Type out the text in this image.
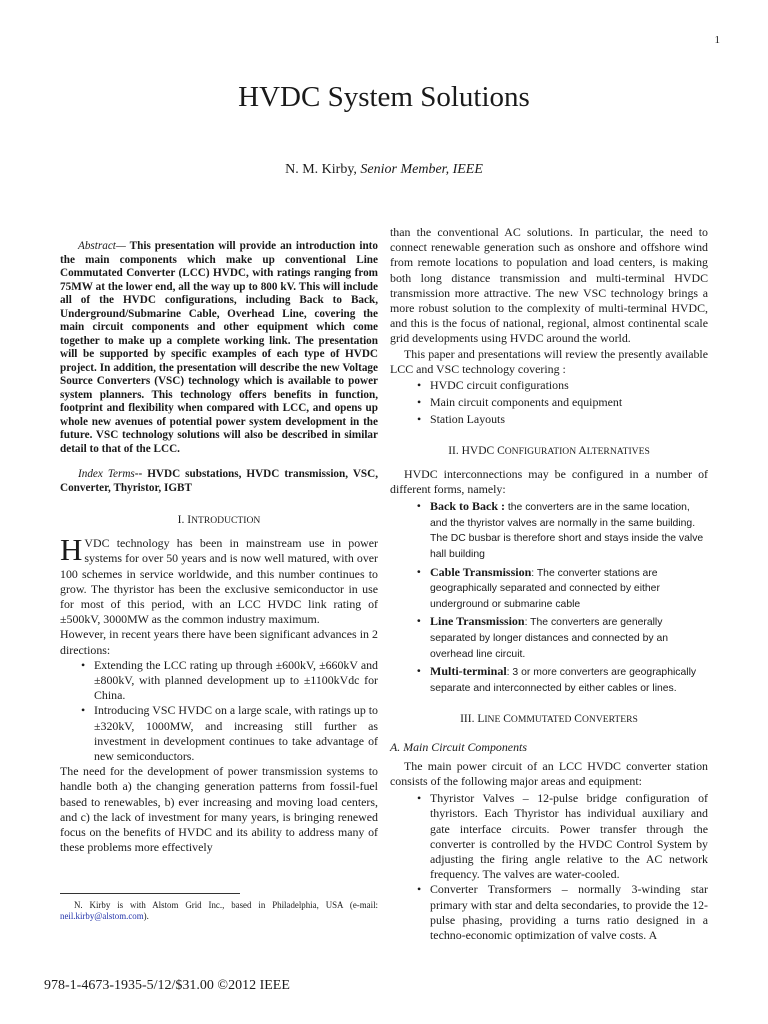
1
HVDC System Solutions
N. M. Kirby, Senior Member, IEEE

Abstract— This presentation will provide an introduction into the main components which make up conventional Line Commutated Converter (LCC) HVDC, with ratings ranging from 75MW at the lower end, all the way up to 800 kV. This will include all of the HVDC configurations, including Back to Back, Underground/Submarine Cable, Overhead Line, covering the main circuit components and other equipment which come together to make up a complete working link. The presentation will be supported by specific examples of each type of HVDC project. In addition, the presentation will describe the new Voltage Source Converters (VSC) technology which is available to power system planners. This technology offers benefits in function, footprint and flexibility when compared with LCC, and opens up whole new avenues of potential power system development in the future. VSC technology solutions will also be described in similar detail to that of the LCC.

Index Terms-- HVDC substations, HVDC transmission, VSC, Converter, Thyristor, IGBT

I. INTRODUCTION

HVDC technology has been in mainstream use in power systems for over 50 years and is now well matured, with over 100 schemes in service worldwide, and this number continues to grow. The thyristor has been the exclusive semiconductor in use for most of this period, with an LCC HVDC link rating of ±500kV, 3000MW as the common industry maximum.

However, in recent years there have been significant advances in 2 directions:

• Extending the LCC rating up through ±600kV, ±660kV and ±800kV, with planned development up to ±1100kVdc for China.
• Introducing VSC HVDC on a large scale, with ratings up to ±320kV, 1000MW, and increasing still further as investment in development continues to take advantage of new semiconductors.

The need for the development of power transmission systems to handle both a) the changing generation patterns from fossil-fuel based to renewables, b) ever increasing and moving load centers, and c) the lack of investment for many years, is bringing renewed focus on the benefits of HVDC and its ability to address many of these problems more effectively

N. Kirby is with Alstom Grid Inc., based in Philadelphia, USA (e-mail: neil.kirby@alstom.com).
978-1-4673-1935-5/12/$31.00 ©2012 IEEE

than the conventional AC solutions. In particular, the need to connect renewable generation such as onshore and offshore wind from remote locations to population and load centers, is making both long distance transmission and multi-terminal HVDC transmission more attractive. The new VSC technology brings a more robust solution to the complexity of multi-terminal HVDC, and this is the focus of national, regional, almost continental scale grid developments using HVDC around the world.

This paper and presentations will review the presently available LCC and VSC technology covering :

• HVDC circuit configurations
• Main circuit components and equipment
• Station Layouts
II. HVDC CONFIGURATION ALTERNATIVES

HVDC interconnections may be configured in a number of different forms, namely:

• Back to Back : the converters are in the same location, and the thyristor valves are normally in the same building. The DC busbar is therefore short and stays inside the valve hall building
• Cable Transmission: The converter stations are geographically separated and connected by either underground or submarine cable
• Line Transmission: The converters are generally separated by longer distances and connected by an overhead line circuit.
• Multi-terminal: 3 or more converters are geographically separate and interconnected by either cables or lines.
III. LINE COMMUTATED CONVERTERS
A. Main Circuit Components

The main power circuit of an LCC HVDC converter station consists of the following major areas and equipment:

• Thyristor Valves – 12-pulse bridge configuration of thyristors. Each Thyristor has individual auxiliary and gate interface circuits. Power transfer through the converter is controlled by the HVDC Control System by adjusting the firing angle relative to the AC network frequency. The valves are water-cooled.
• Converter Transformers – normally 3-winding star primary with star and delta secondaries, to provide the 12-pulse phasing, providing a turns ratio designed in a techno-economic optimization of valve costs. A
